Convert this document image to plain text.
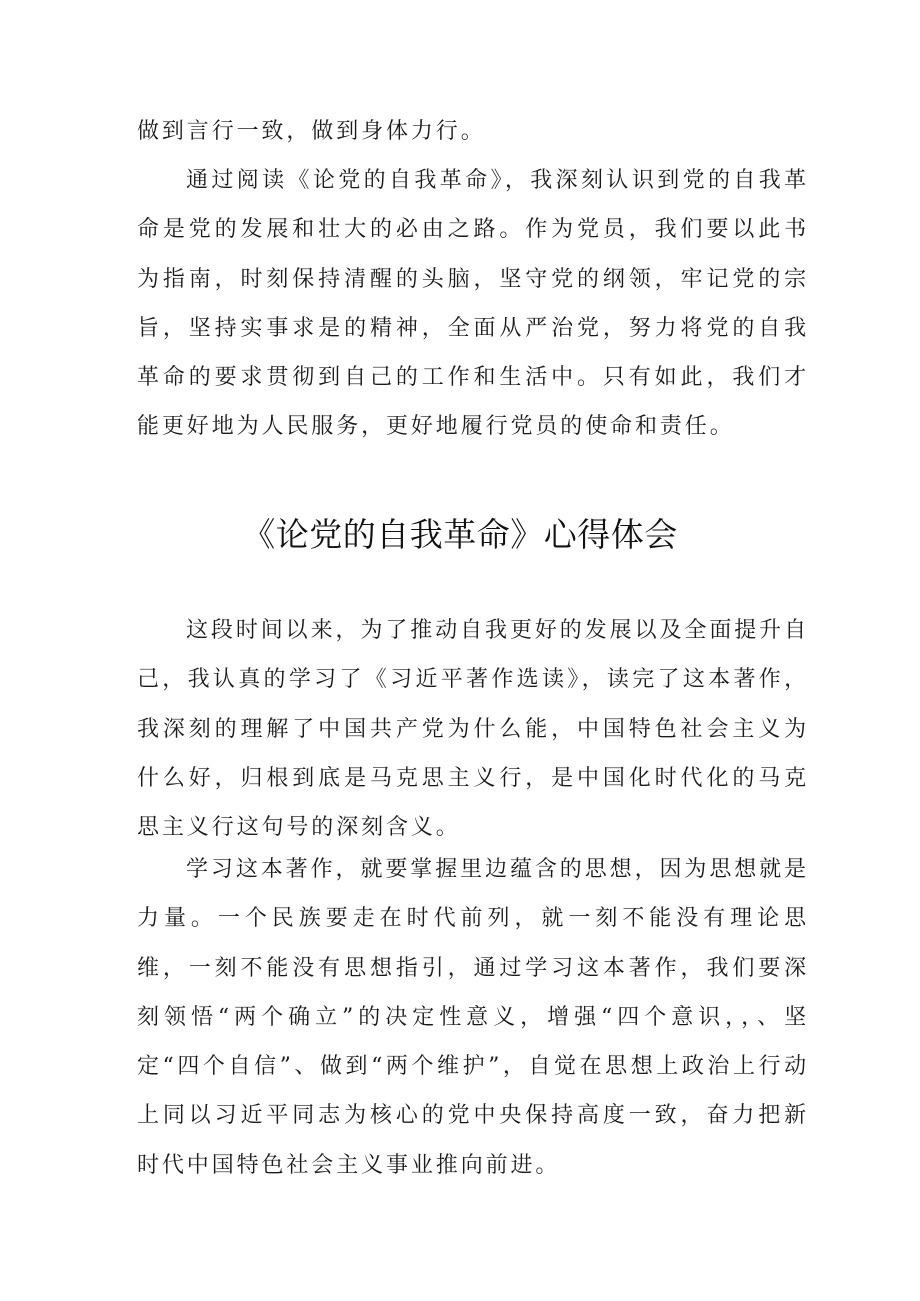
做到言行一致，做到身体力行。

通过阅读《论党的自我革命》，我深刻认识到党的自我革命是党的发展和壮大的必由之路。作为党员，我们要以此书为指南，时刻保持清醒的头脑，坚守党的纲领，牢记党的宗旨，坚持实事求是的精神，全面从严治党，努力将党的自我革命的要求贯彻到自己的工作和生活中。只有如此，我们才能更好地为人民服务，更好地履行党员的使命和责任。

《论党的自我革命》心得体会

这段时间以来，为了推动自我更好的发展以及全面提升自己，我认真的学习了《习近平著作选读》，读完了这本著作，我深刻的理解了中国共产党为什么能，中国特色社会主义为什么好，归根到底是马克思主义行，是中国化时代化的马克思主义行这句号的深刻含义。

学习这本著作，就要掌握里边蕴含的思想，因为思想就是力量。一个民族要走在时代前列，就一刻不能没有理论思维，一刻不能没有思想指引，通过学习这本著作，我们要深刻领悟“两个确立”的决定性意义，增强“四个意识，，、坚定“四个自信”、做到“两个维护”，自觉在思想上政治上行动上同以习近平同志为核心的党中央保持高度一致，奋力把新时代中国特色社会主义事业推向前进。
